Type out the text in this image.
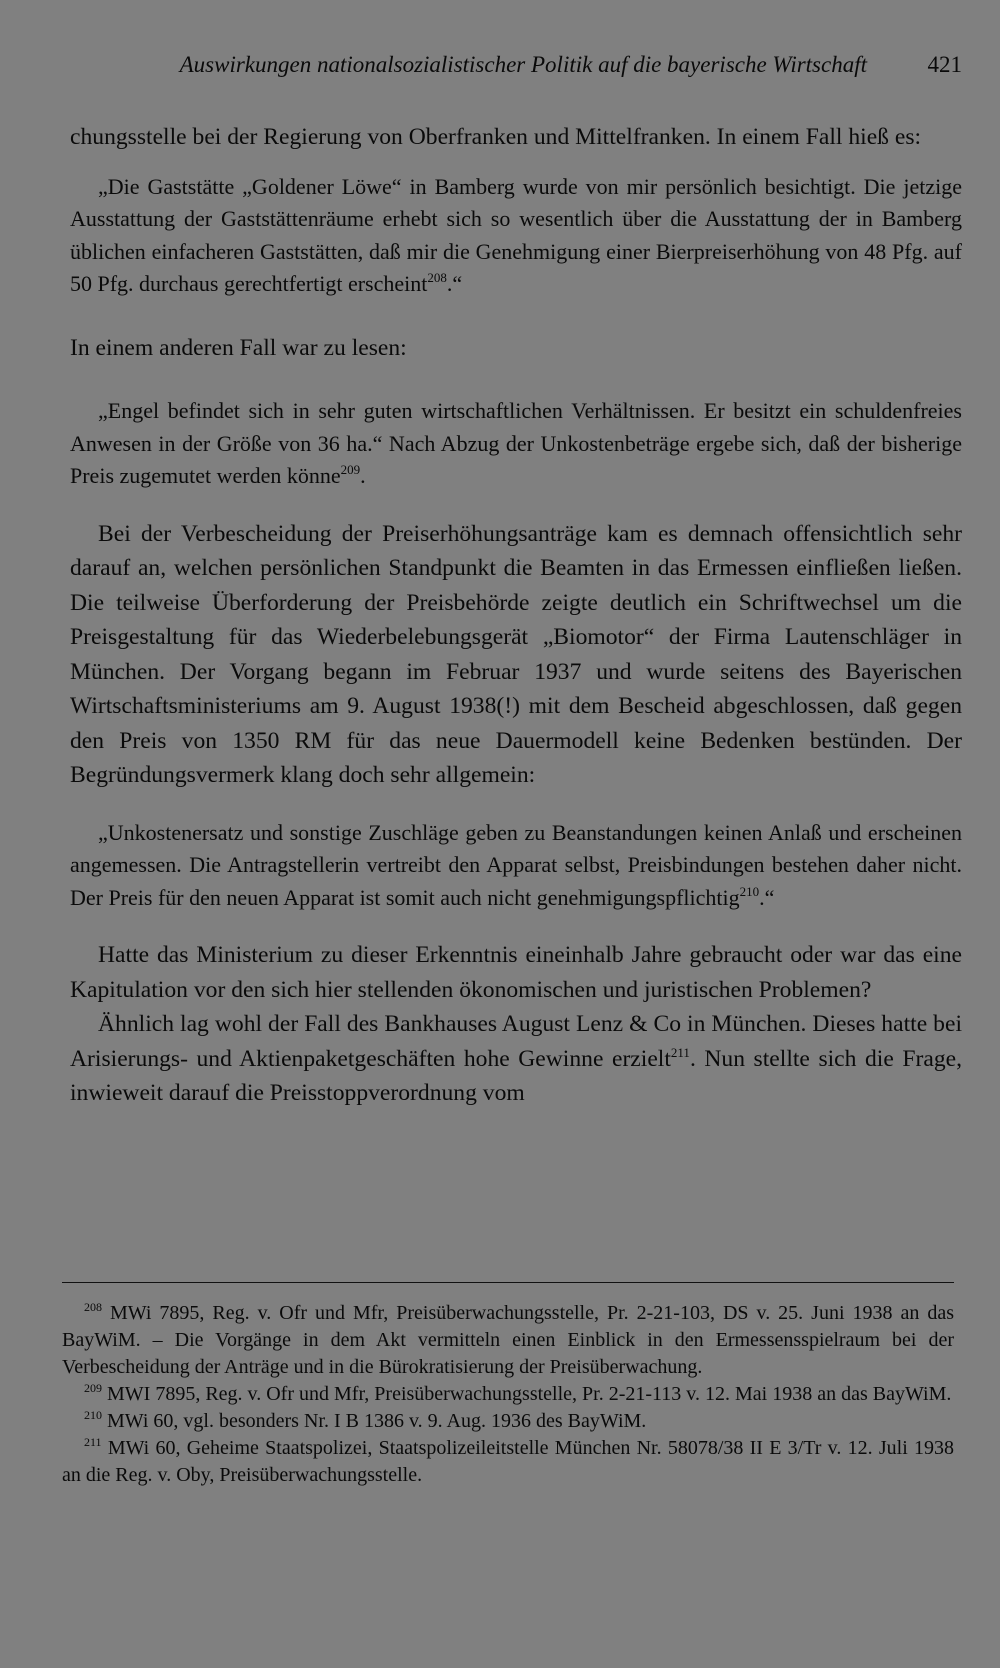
Auswirkungen nationalsozialistischer Politik auf die bayerische Wirtschaft	421

chungsstelle bei der Regierung von Oberfranken und Mittelfranken. In einem Fall hieß es:

„Die Gaststätte „Goldener Löwe“ in Bamberg wurde von mir persönlich besichtigt. Die jetzige Ausstattung der Gaststättenräume erhebt sich so wesentlich über die Ausstattung der in Bamberg üblichen einfacheren Gaststätten, daß mir die Genehmigung einer Bierpreiserhöhung von 48 Pfg. auf 50 Pfg. durchaus gerechtfertigt erscheint$^{208}$.“

In einem anderen Fall war zu lesen:

„Engel befindet sich in sehr guten wirtschaftlichen Verhältnissen. Er besitzt ein schuldenfreies Anwesen in der Größe von 36 ha.“ Nach Abzug der Unkostenbeträge ergebe sich, daß der bisherige Preis zugemutet werden könne$^{209}$.

Bei der Verbescheidung der Preiserhöhungsanträge kam es demnach offensichtlich sehr darauf an, welchen persönlichen Standpunkt die Beamten in das Ermessen einfließen ließen. Die teilweise Überforderung der Preisbehörde zeigte deutlich ein Schriftwechsel um die Preisgestaltung für das Wiederbelebungsgerät „Biomotor“ der Firma Lautenschläger in München. Der Vorgang begann im Februar 1937 und wurde seitens des Bayerischen Wirtschaftsministeriums am 9. August 1938(!) mit dem Bescheid abgeschlossen, daß gegen den Preis von 1350 RM für das neue Dauermodell keine Bedenken bestünden. Der Begründungsvermerk klang doch sehr allgemein:

„Unkostenersatz und sonstige Zuschläge geben zu Beanstandungen keinen Anlaß und erscheinen angemessen. Die Antragstellerin vertreibt den Apparat selbst, Preisbindungen bestehen daher nicht. Der Preis für den neuen Apparat ist somit auch nicht genehmigungspflichtig$^{210}$.“

Hatte das Ministerium zu dieser Erkenntnis eineinhalb Jahre gebraucht oder war das eine Kapitulation vor den sich hier stellenden ökonomischen und juristischen Problemen?

Ähnlich lag wohl der Fall des Bankhauses August Lenz & Co in München. Dieses hatte bei Arisierungs- und Aktienpaketgeschäften hohe Gewinne erzielt$^{211}$. Nun stellte sich die Frage, inwieweit darauf die Preisstoppverordnung vom

$^{208}$ MWi 7895, Reg. v. Ofr und Mfr, Preisüberwachungsstelle, Pr. 2-21-103, DS v. 25. Juni 1938 an das BayWiM. – Die Vorgänge in dem Akt vermitteln einen Einblick in den Ermessensspielraum bei der Verbescheidung der Anträge und in die Bürokratisierung der Preisüberwachung.

$^{209}$ MWI 7895, Reg. v. Ofr und Mfr, Preisüberwachungsstelle, Pr. 2-21-113 v. 12. Mai 1938 an das BayWiM.

$^{210}$ MWi 60, vgl. besonders Nr. I B 1386 v. 9. Aug. 1936 des BayWiM.

$^{211}$ MWi 60, Geheime Staatspolizei, Staatspolizeileitstelle München Nr. 58078/38 II E 3/Tr v. 12. Juli 1938 an die Reg. v. Oby, Preisüberwachungsstelle.
